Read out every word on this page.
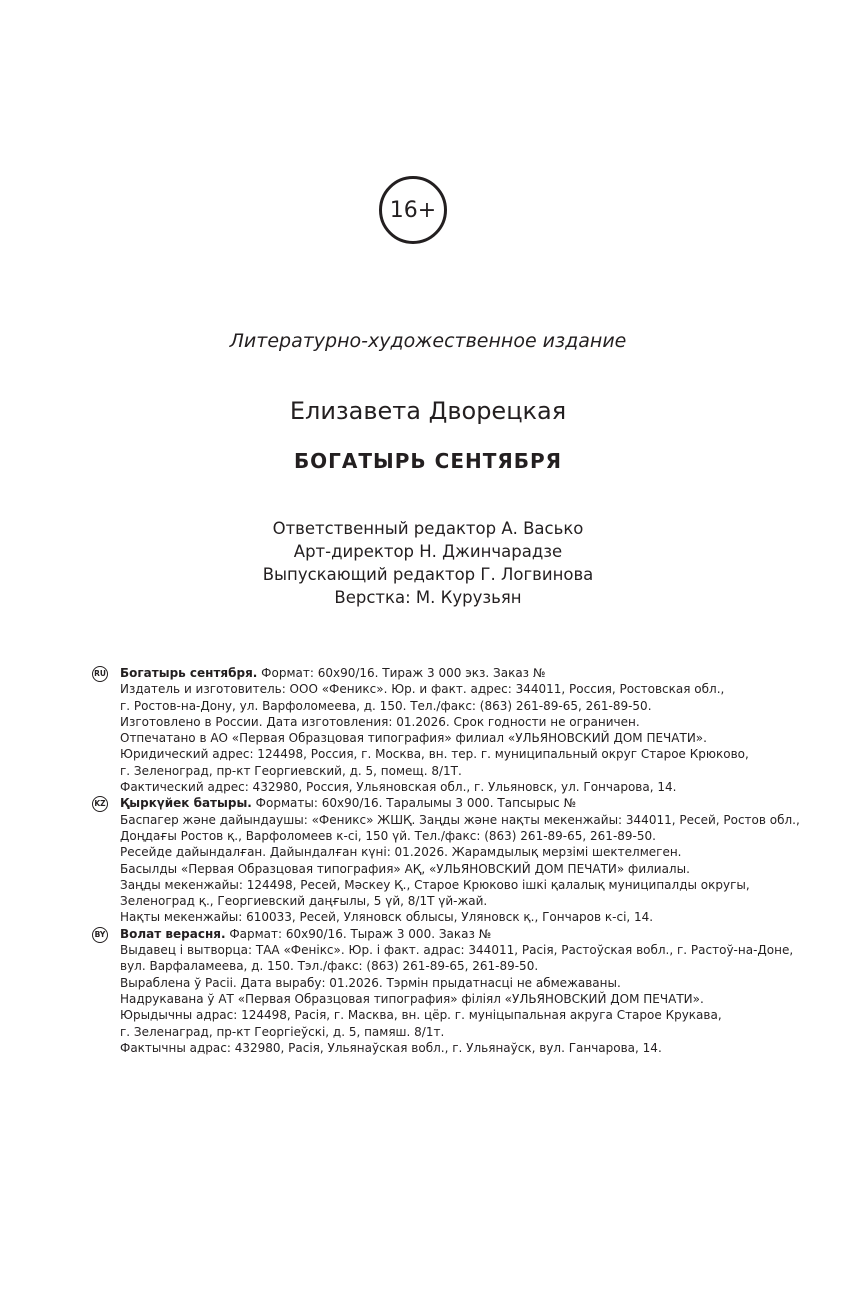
16+
Литературно-художественное издание
Елизавета Дворецкая
БОГАТЫРЬ СЕНТЯБРЯ
Ответственный редактор А. Васько
Арт-директор Н. Джинчарадзе
Выпускающий редактор Г. Логвинова
Верстка: М. Курузьян
RU Богатырь сентября. Формат: 60х90/16. Тираж 3 000 экз. Заказ №
Издатель и изготовитель: ООО «Феникс». Юр. и факт. адрес: 344011, Россия, Ростовская обл.,
г. Ростов-на-Дону, ул. Варфоломеева, д. 150. Тел./факс: (863) 261-89-65, 261-89-50.
Изготовлено в России. Дата изготовления: 01.2026. Срок годности не ограничен.
Отпечатано в АО «Первая Образцовая типография» филиал «УЛЬЯНОВСКИЙ ДОМ ПЕЧАТИ».
Юридический адрес: 124498, Россия, г. Москва, вн. тер. г. муниципальный округ Старое Крюково,
г. Зеленоград, пр-кт Георгиевский, д. 5, помещ. 8/1Т.
Фактический адрес: 432980, Россия, Ульяновская обл., г. Ульяновск, ул. Гончарова, 14.
KZ Қыркүйек батыры. Форматы: 60х90/16. Таралымы 3 000. Тапсырыс №
Баспагер және дайындаушы: «Феникс» ЖШҚ. Заңды және нақты мекенжайы: 344011, Ресей, Ростов обл.,
Доңдағы Ростов қ., Варфоломеев к-сі, 150 үй. Тел./факс: (863) 261-89-65, 261-89-50.
Ресейде дайындалған. Дайындалған күні: 01.2026. Жарамдылық мерзімі шектелмеген.
Басылды «Первая Образцовая типография» АҚ, «УЛЬЯНОВСКИЙ ДОМ ПЕЧАТИ» филиалы.
Заңды мекенжайы: 124498, Ресей, Мәскеу Қ., Старое Крюково ішкі қалалық муниципалды округы,
Зеленоград қ., Георгиевский даңғылы, 5 үй, 8/1Т үй-жай.
Нақты мекенжайы: 610033, Ресей, Уляновск облысы, Уляновск қ., Гончаров к-сі, 14.
BY Волат верасня. Фармат: 60х90/16. Тыраж 3 000. Заказ №
Выдавец і вытворца: ТАА «Фенікс». Юр. і факт. адрас: 344011, Расія, Растоўская вобл., г. Растоў-на-Доне,
вул. Варфаламеева, д. 150. Тэл./факс: (863) 261-89-65, 261-89-50.
Выраблена ў Расіі. Дата вырабу: 01.2026. Тэрмін прыдатнасці не абмежаваны.
Надрукавана ў АТ «Первая Образцовая типография» філіял «УЛЬЯНОВСКИЙ ДОМ ПЕЧАТИ».
Юрыдычны адрас: 124498, Расія, г. Масква, вн. цёр. г. муніцыпальная акруга Старое Крукава,
г. Зеленаград, пр-кт Георгіеўскі, д. 5, памяш. 8/1т.
Фактычны адрас: 432980, Расія, Ульянаўская вобл., г. Ульянаўск, вул. Ганчарова, 14.
